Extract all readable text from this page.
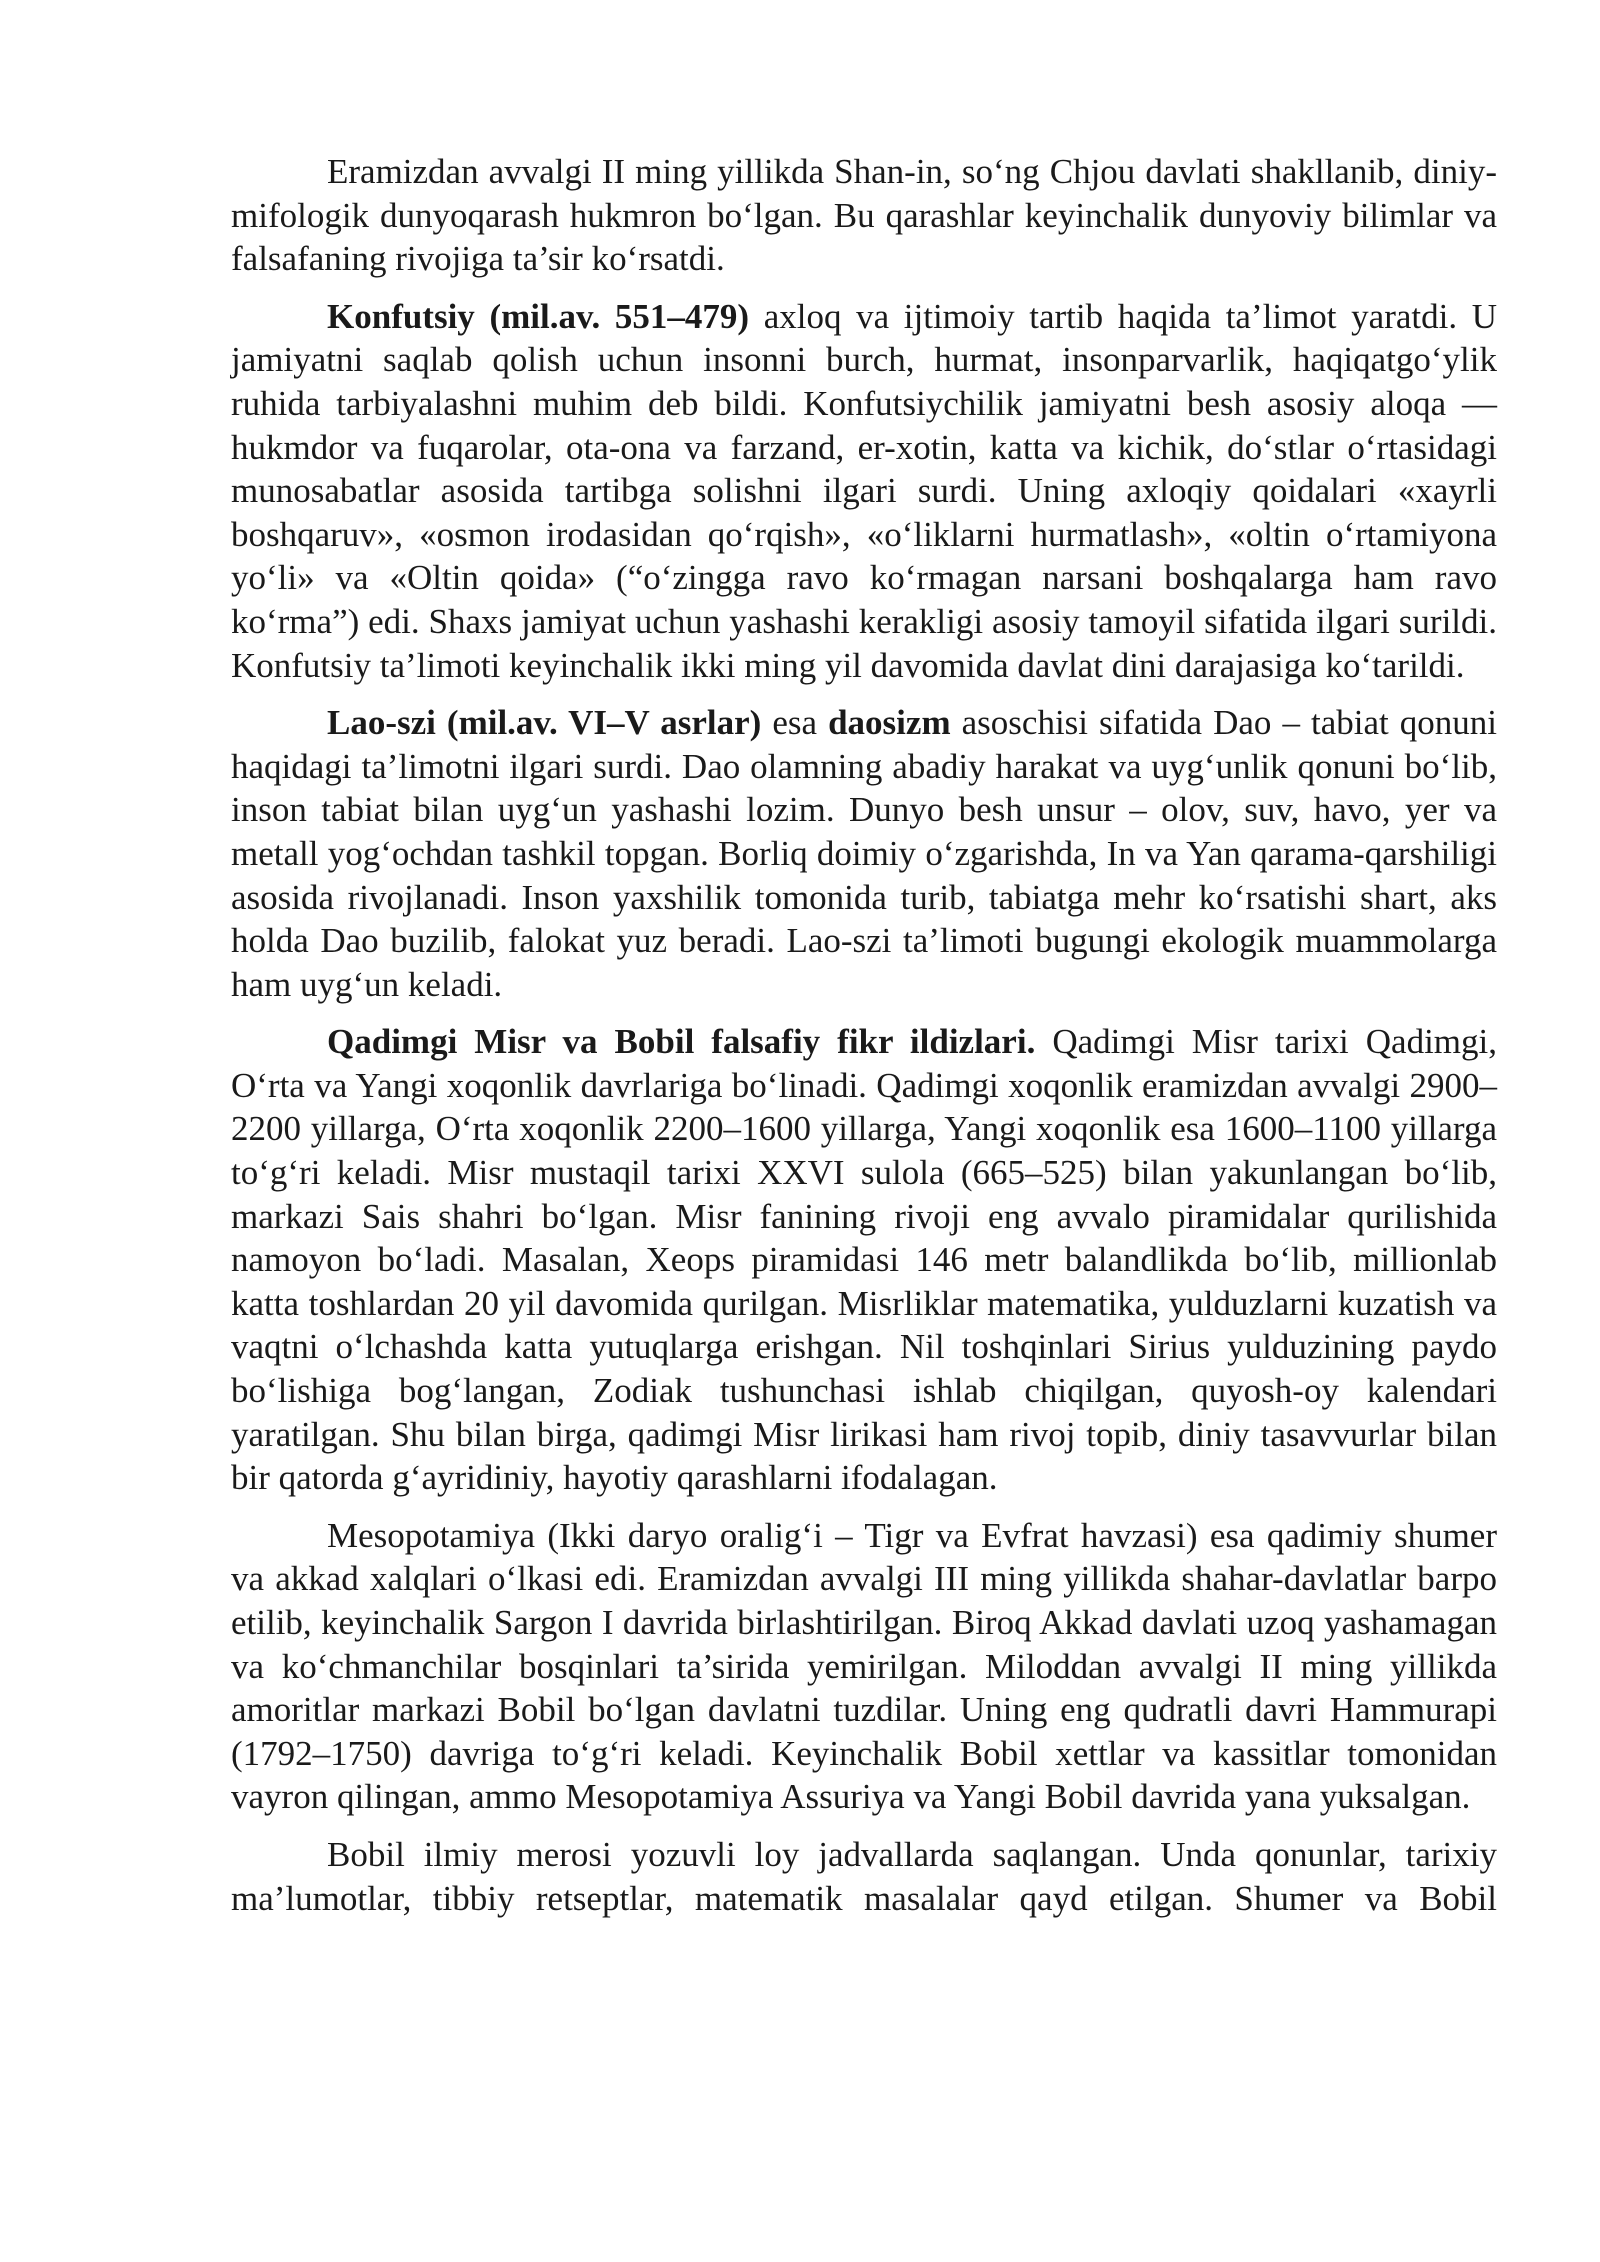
Eramizdan avvalgi II ming yillikda Shan-in, so‘ng Chjou davlati shakllanib, diniy-mifologik dunyoqarash hukmron bo‘lgan. Bu qarashlar keyinchalik dunyoviy bilimlar va falsafaning rivojiga ta’sir ko‘rsatdi.

Konfutsiy (mil.av. 551–479) axloq va ijtimoiy tartib haqida ta’limot yaratdi. U jamiyatni saqlab qolish uchun insonni burch, hurmat, insonparvarlik, haqiqatgo‘ylik ruhida tarbiyalashni muhim deb bildi. Konfutsiychilik jamiyatni besh asosiy aloqa — hukmdor va fuqarolar, ota-ona va farzand, er-xotin, katta va kichik, do‘stlar o‘rtasidagi munosabatlar asosida tartibga solishni ilgari surdi. Uning axloqiy qoidalari «xayrli boshqaruv», «osmon irodasidan qo‘rqish», «o‘liklarni hurmatlash», «oltin o‘rtamiyona yo‘li» va «Oltin qoida» (“o‘zingga ravo ko‘rmagan narsani boshqalarga ham ravo ko‘rma”) edi. Shaxs jamiyat uchun yashashi kerakligi asosiy tamoyil sifatida ilgari surildi. Konfutsiy ta’limoti keyinchalik ikki ming yil davomida davlat dini darajasiga ko‘tarildi.

Lao-szi (mil.av. VI–V asrlar) esa daosizm asoschisi sifatida Dao – tabiat qonuni haqidagi ta’limotni ilgari surdi. Dao olamning abadiy harakat va uyg‘unlik qonuni bo‘lib, inson tabiat bilan uyg‘un yashashi lozim. Dunyo besh unsur – olov, suv, havo, yer va metall yog‘ochdan tashkil topgan. Borliq doimiy o‘zgarishda, In va Yan qarama-qarshiligi asosida rivojlanadi. Inson yaxshilik tomonida turib, tabiatga mehr ko‘rsatishi shart, aks holda Dao buzilib, falokat yuz beradi. Lao-szi ta’limoti bugungi ekologik muammolarga ham uyg‘un keladi.

Qadimgi Misr va Bobil falsafiy fikr ildizlari. Qadimgi Misr tarixi Qadimgi, O‘rta va Yangi xoqonlik davrlariga bo‘linadi. Qadimgi xoqonlik eramizdan avvalgi 2900–2200 yillarga, O‘rta xoqonlik 2200–1600 yillarga, Yangi xoqonlik esa 1600–1100 yillarga to‘g‘ri keladi. Misr mustaqil tarixi XXVI sulola (665–525) bilan yakunlangan bo‘lib, markazi Sais shahri bo‘lgan. Misr fanining rivoji eng avvalo piramidalar qurilishida namoyon bo‘ladi. Masalan, Xeops piramidasi 146 metr balandlikda bo‘lib, millionlab katta toshlardan 20 yil davomida qurilgan. Misrliklar matematika, yulduzlarni kuzatish va vaqtni o‘lchashda katta yutuqlarga erishgan. Nil toshqinlari Sirius yulduzining paydo bo‘lishiga bog‘langan, Zodiak tushunchasi ishlab chiqilgan, quyosh-oy kalendari yaratilgan. Shu bilan birga, qadimgi Misr lirikasi ham rivoj topib, diniy tasavvurlar bilan bir qatorda g‘ayridiniy, hayotiy qarashlarni ifodalagan.

Mesopotamiya (Ikki daryo oralig‘i – Tigr va Evfrat havzasi) esa qadimiy shumer va akkad xalqlari o‘lkasi edi. Eramizdan avvalgi III ming yillikda shahar-davlatlar barpo etilib, keyinchalik Sargon I davrida birlashtirilgan. Biroq Akkad davlati uzoq yashamagan va ko‘chmanchilar bosqinlari ta’sirida yemirilgan. Miloddan avvalgi II ming yillikda amoritlar markazi Bobil bo‘lgan davlatni tuzdilar. Uning eng qudratli davri Hammurapi (1792–1750) davriga to‘g‘ri keladi. Keyinchalik Bobil xettlar va kassitlar tomonidan vayron qilingan, ammo Mesopotamiya Assuriya va Yangi Bobil davrida yana yuksalgan.

Bobil ilmiy merosi yozuvli loy jadvallarda saqlangan. Unda qonunlar, tarixiy ma’lumotlar, tibbiy retseptlar, matematik masalalar qayd etilgan. Shumer va Bobil
